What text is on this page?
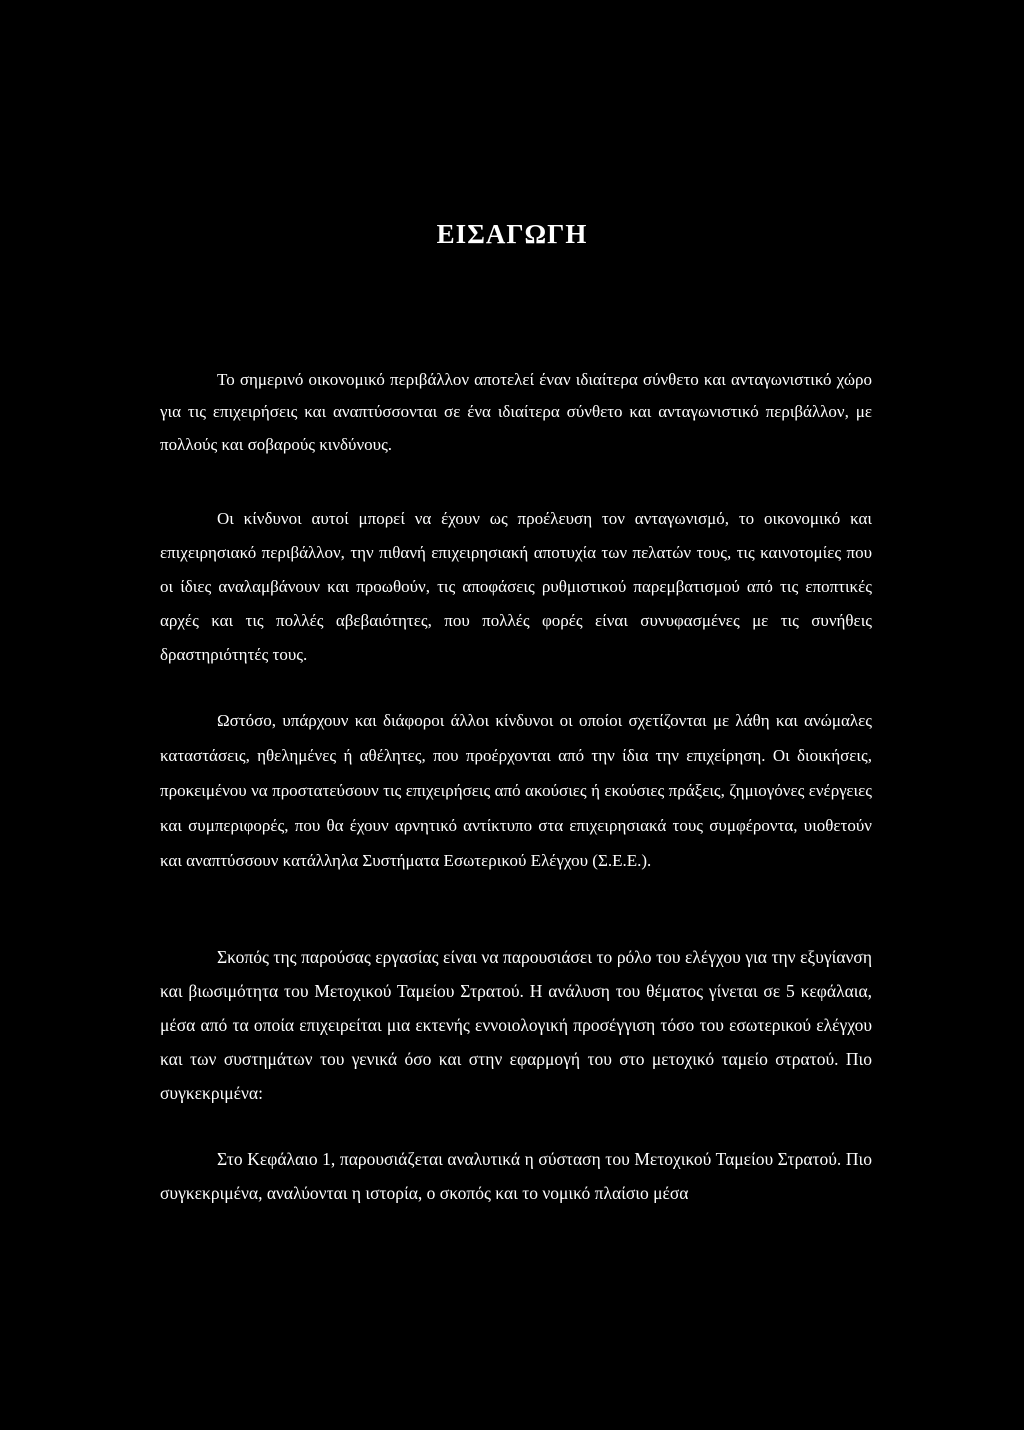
ΕΙΣΑΓΩΓΗ
Το σημερινό οικονομικό περιβάλλον αποτελεί έναν ιδιαίτερα σύνθετο και ανταγωνιστικό χώρο για τις επιχειρήσεις και αναπτύσσονται σε ένα ιδιαίτερα σύνθετο και ανταγωνιστικό περιβάλλον, με πολλούς και σοβαρούς κινδύνους.
Οι κίνδυνοι αυτοί μπορεί να έχουν ως προέλευση τον ανταγωνισμό, το οικονομικό και επιχειρησιακό περιβάλλον, την πιθανή επιχειρησιακή αποτυχία των πελατών τους, τις καινοτομίες που οι ίδιες αναλαμβάνουν και προωθούν, τις αποφάσεις ρυθμιστικού παρεμβατισμού από τις εποπτικές αρχές και τις πολλές αβεβαιότητες, που πολλές φορές είναι συνυφασμένες με τις συνήθεις δραστηριότητές τους.
Ωστόσο, υπάρχουν και διάφοροι άλλοι κίνδυνοι οι οποίοι σχετίζονται με λάθη και ανώμαλες καταστάσεις, ηθελημένες ή αθέλητες, που προέρχονται από την ίδια την επιχείρηση. Οι διοικήσεις, προκειμένου να προστατεύσουν τις επιχειρήσεις από ακούσιες ή εκούσιες πράξεις, ζημιογόνες ενέργειες και συμπεριφορές, που θα έχουν αρνητικό αντίκτυπο στα επιχειρησιακά τους συμφέροντα, υιοθετούν και αναπτύσσουν κατάλληλα Συστήματα Εσωτερικού Ελέγχου (Σ.Ε.Ε.).
Σκοπός της παρούσας εργασίας είναι να παρουσιάσει το ρόλο του ελέγχου για την εξυγίανση και βιωσιμότητα του Μετοχικού Ταμείου Στρατού. Η ανάλυση του θέματος γίνεται σε 5 κεφάλαια, μέσα από τα οποία επιχειρείται μια εκτενής εννοιολογική προσέγγιση τόσο του εσωτερικού ελέγχου και των συστημάτων του γενικά όσο και στην εφαρμογή του στο μετοχικό ταμείο στρατού. Πιο συγκεκριμένα:
Στο Κεφάλαιο 1, παρουσιάζεται αναλυτικά η σύσταση του Μετοχικού Ταμείου Στρατού. Πιο συγκεκριμένα, αναλύονται η ιστορία, ο σκοπός και το νομικό πλαίσιο μέσα
